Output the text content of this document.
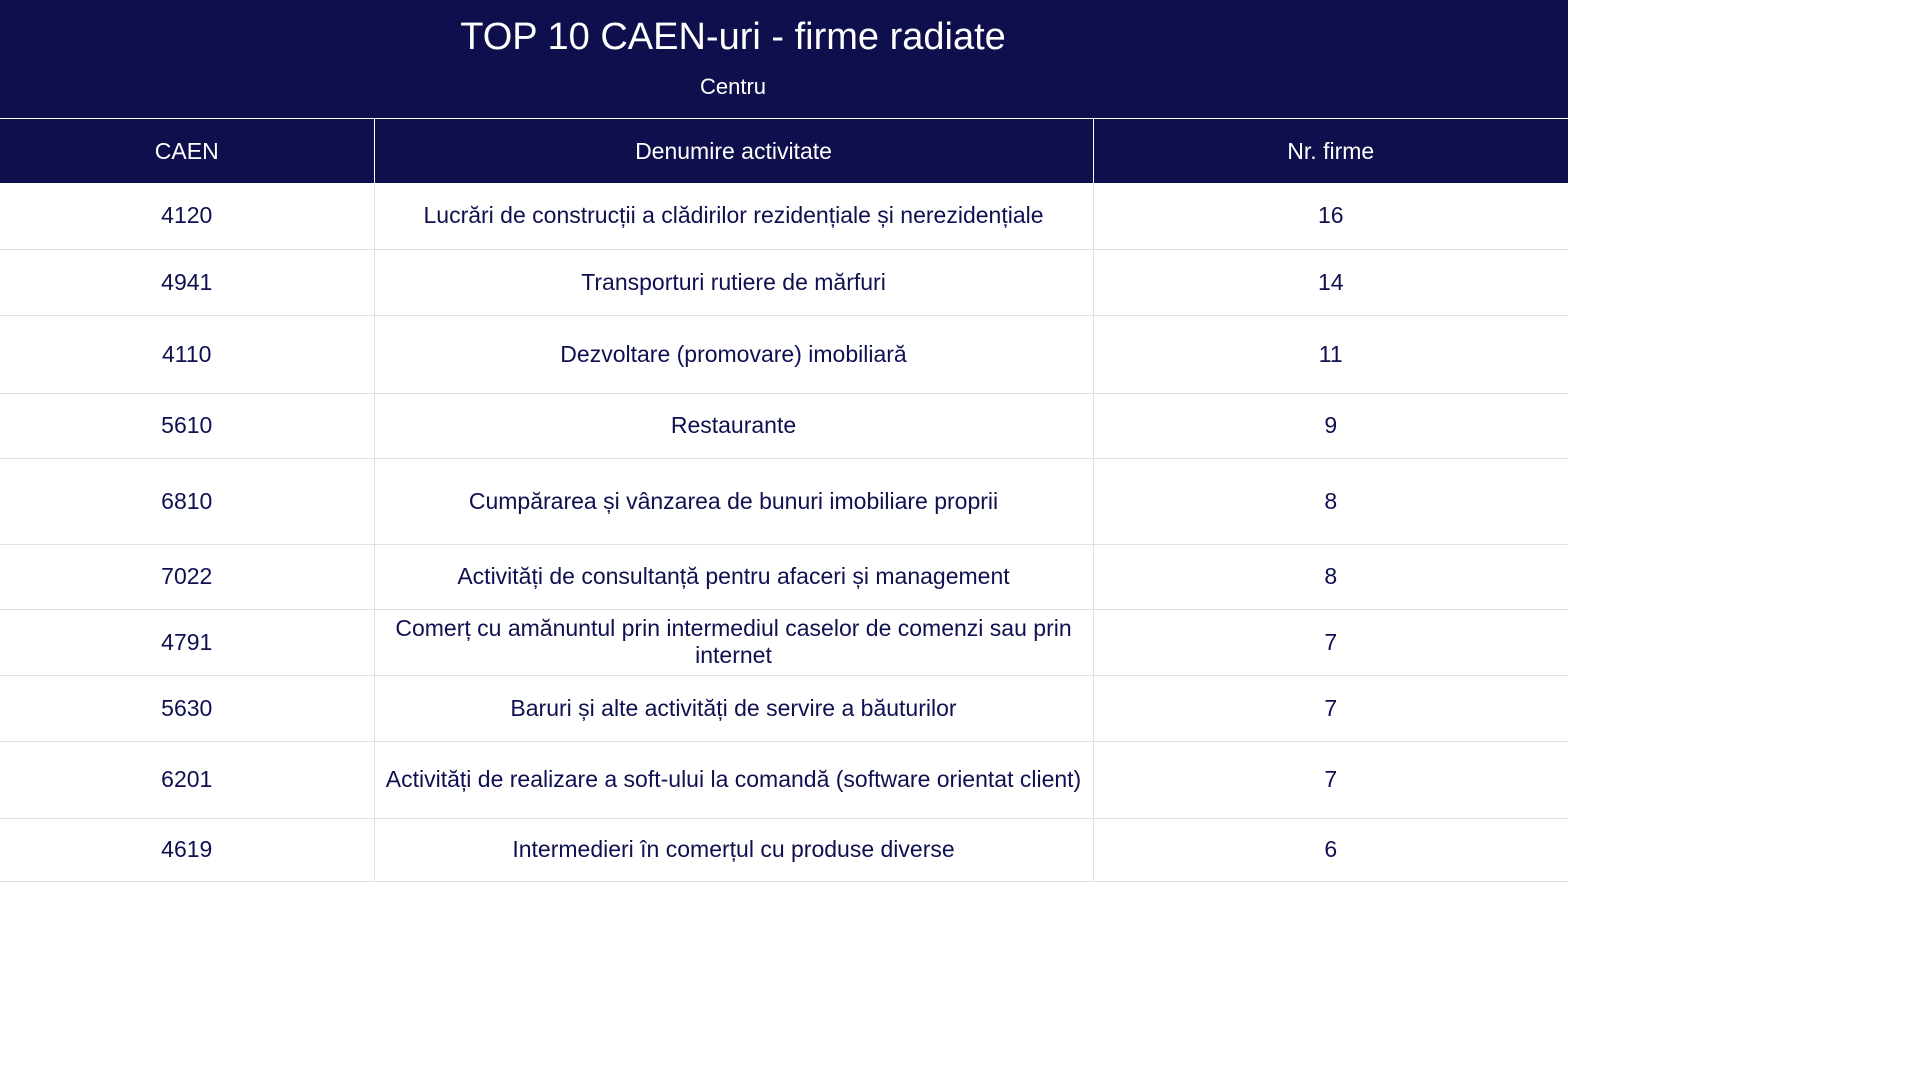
TOP 10 CAEN-uri - firme radiate
Centru
CAEN	Denumire activitate	Nr. firme
4120	Lucrări de construcții a clădirilor rezidențiale și nerezidențiale	16
4941	Transporturi rutiere de mărfuri	14
4110	Dezvoltare (promovare) imobiliară	11
5610	Restaurante	9
6810	Cumpărarea și vânzarea de bunuri imobiliare proprii	8
7022	Activități de consultanță pentru afaceri și management	8
4791	Comerț cu amănuntul prin intermediul caselor de comenzi sau prin internet	7
5630	Baruri și alte activități de servire a băuturilor	7
6201	Activități de realizare a soft-ului la comandă (software orientat client)	7
4619	Intermedieri în comerțul cu produse diverse	6
